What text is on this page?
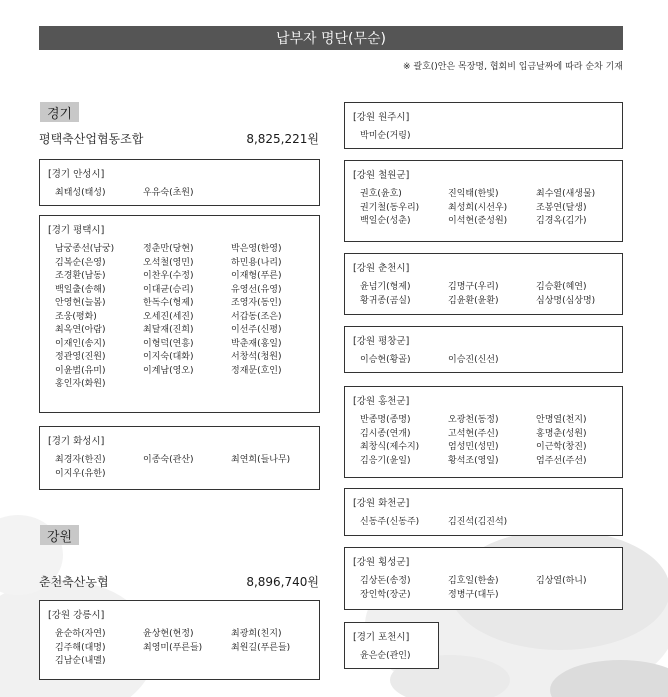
납부자 명단(무순)
※ 괄호()안은 목장명, 협회비 입금날짜에 따라 순차 기재
경기
평택축산업협동조합	8,825,221원
[경기 안성시]
최태성(태성)	우유숙(초원)
[경기 평택시]
남궁종선(남궁)	정춘만(당현)	박은영(한영)
김복순(은영)	오석철(영민)	하민용(나리)
조경환(남동)	이찬우(수정)	이재형(푸른)
백일출(송해)	이대균(승리)	유영선(유영)
안영현(늘봄)	한독수(형제)	조영자(동인)
조웅(평화)	오세진(세진)	서갑동(조은)
최옥연(아람)	최달재(진희)	이선주(신평)
이재인(송지)	이형덕(연흥)	박춘재(홍일)
정관영(진원)	이지숙(대화)	서창석(청원)
이윤범(유미)	이계남(영오)	정재문(호인)
홍인자(화원)
[경기 화성시]
최경자(한진)	이종숙(관산)	최연희(들나무)
이지우(유한)
강원
춘천축산농협	8,896,740원
[강원 강릉시]
윤순하(자연)	윤상현(현정)	최광희(친지)
김주해(대명)	최영미(푸른들)	최원길(푸른들)
김남순(내멜)
[강원 원주시]
박미순(거링)
[강원 철원군]
권호(윤호)	진익태(한빛)	최수열(새생물)
권기철(동우리)	최성희(시선우)	조봉연(달생)
백일순(성춘)	이석현(준성원)	김경옥(김가)
[강원 춘천시]
윤넘기(형제)	김명구(우리)	김승환(혜연)
황귀종(곰실)	김윤환(윤환)	심상명(심상명)
[강원 평창군]
이승현(황골)	이승진(신선)
[강원 홍천군]
반종명(종명)	오광천(동정)	안명열(천지)
김시종(연개)	고석현(주신)	홍명춘(성원)
최창식(제수지)	엄성민(성민)	이근학(창진)
김응기(윤일)	황석조(영일)	엄주선(주선)
[강원 화천군]
신동주(신동주)	김진석(김진석)
[강원 횡성군]
김상돈(송정)	김호일(한솔)	김상열(하니)
장인학(장군)	정병구(대두)
[경기 포천시]
윤은순(관인)
